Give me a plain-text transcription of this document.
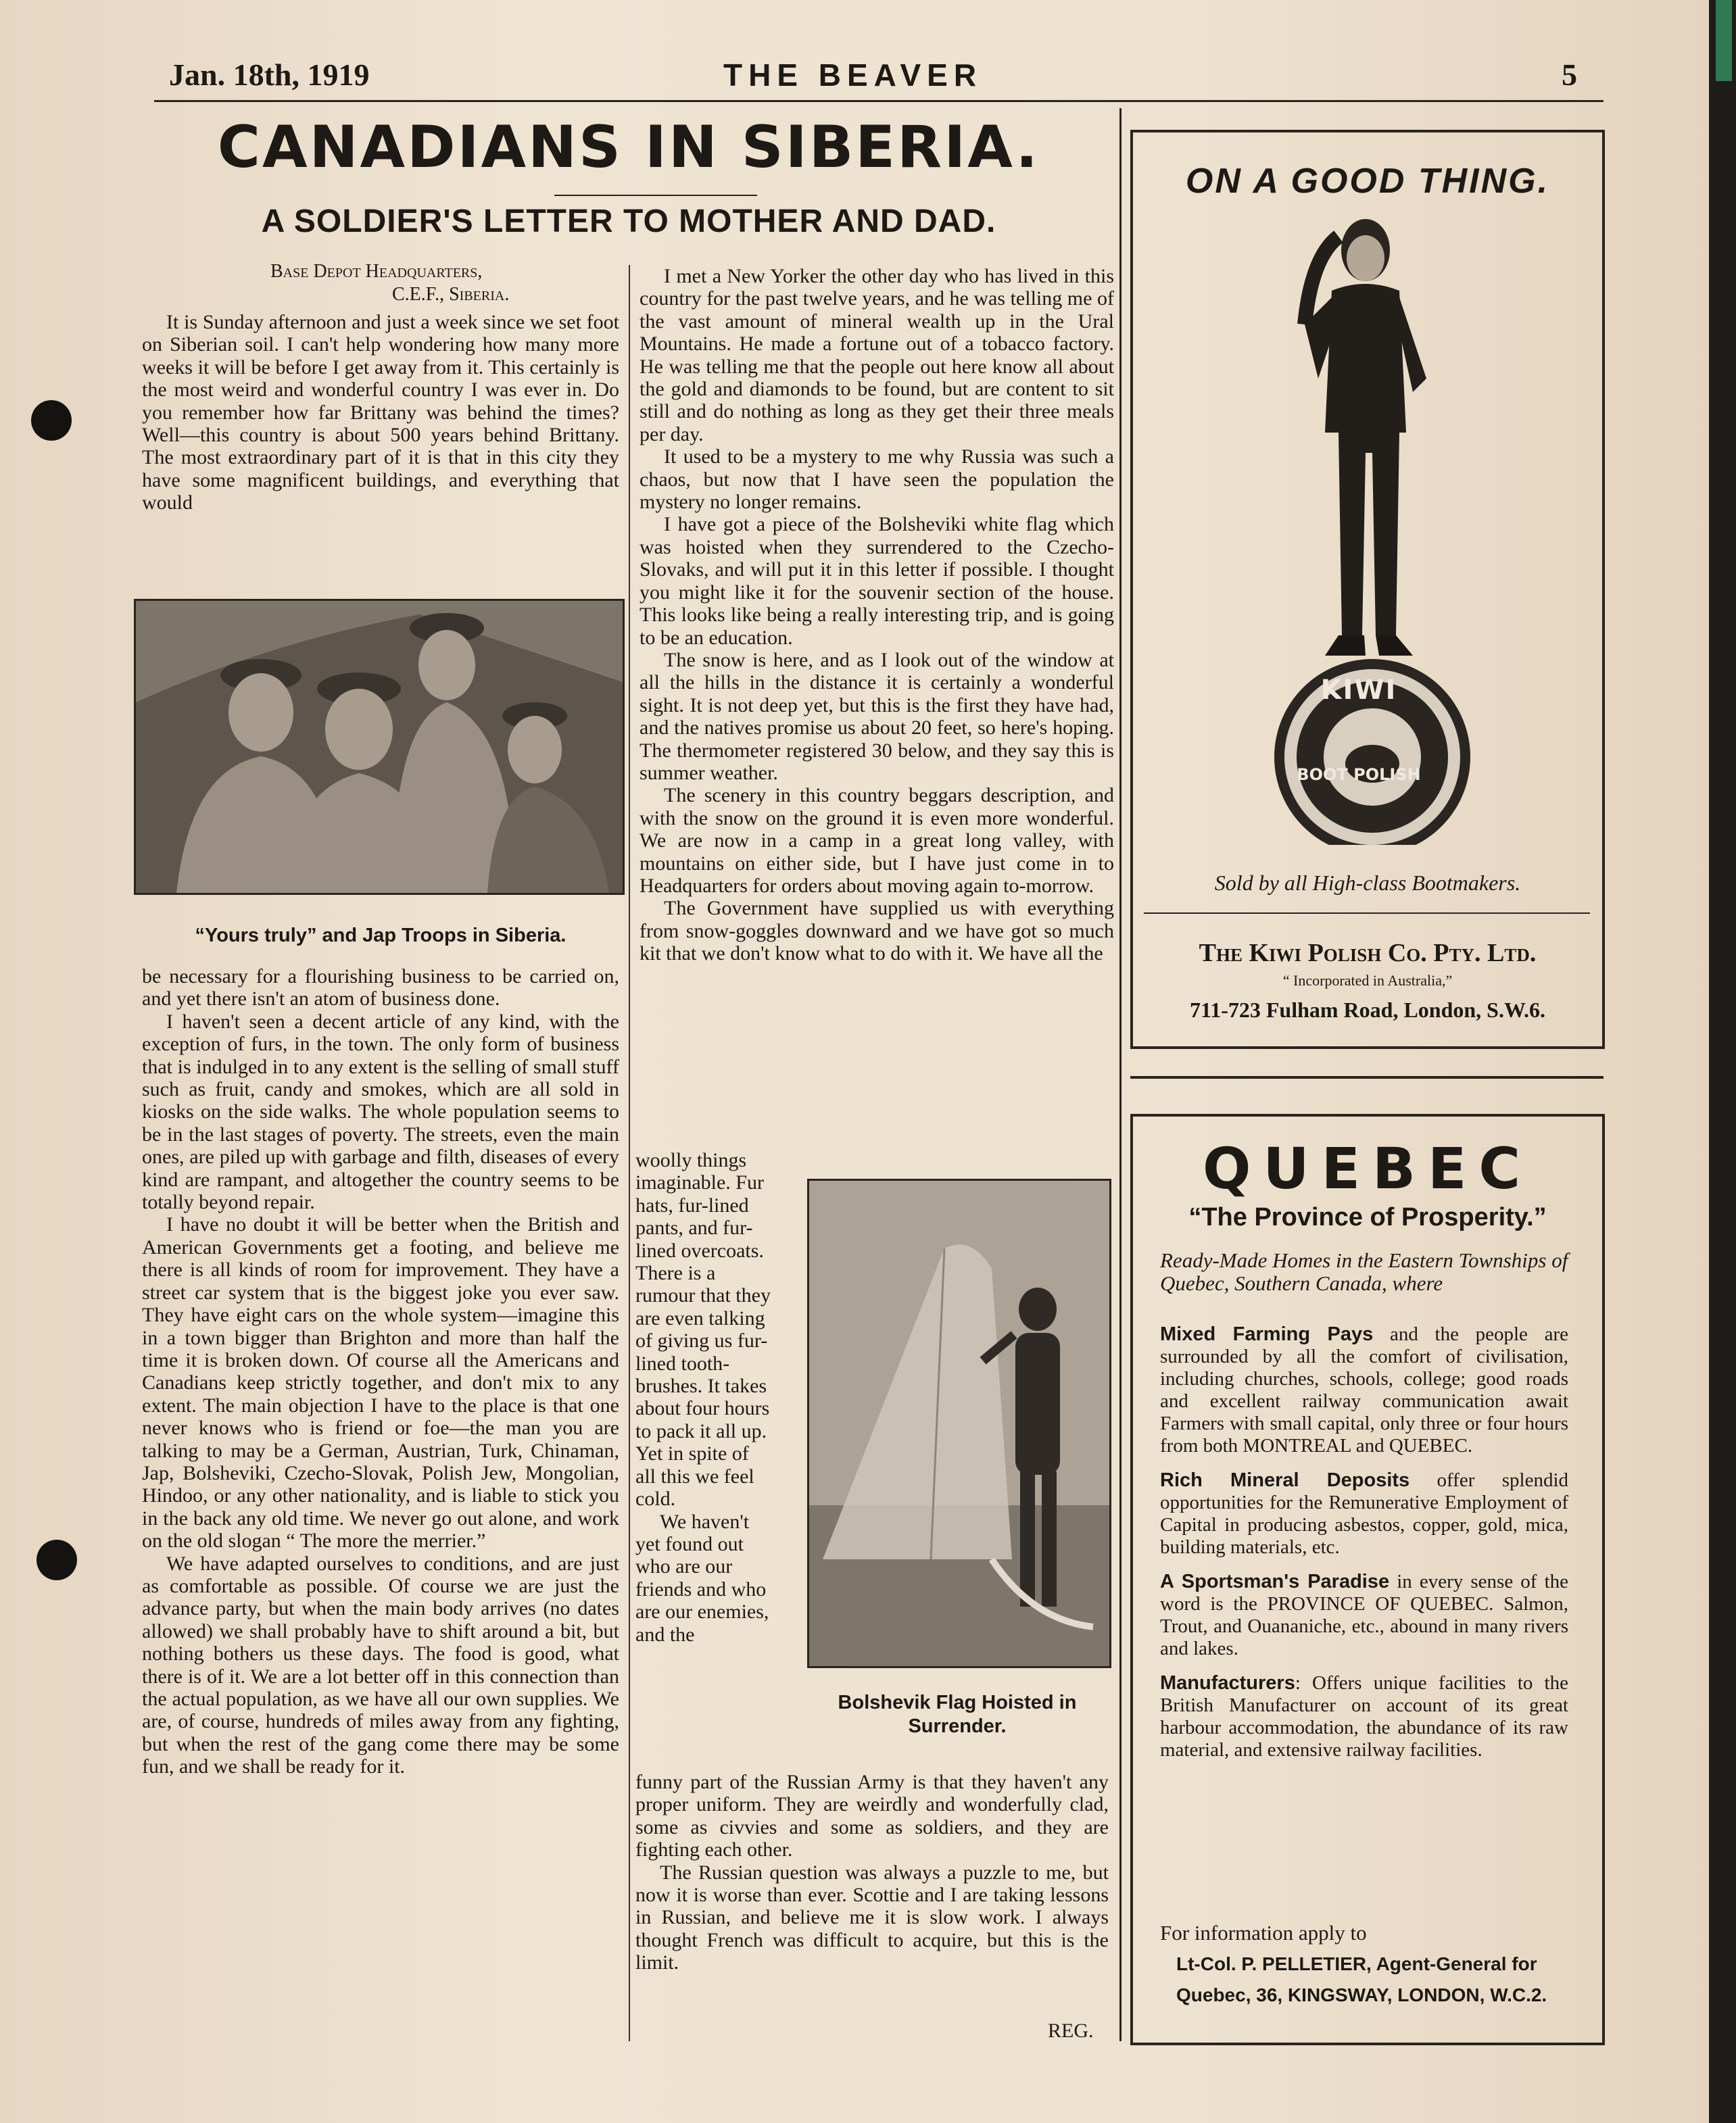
Jan. 18th, 1919	THE BEAVER	5
CANADIANS IN SIBERIA.
A SOLDIER'S LETTER TO MOTHER AND DAD.
Base Depot Headquarters,
C.E.F., Siberia.

It is Sunday afternoon and just a week since we set foot on Siberian soil. I can't help wondering how many more weeks it will be before I get away from it. This certainly is the most weird and wonderful country I was ever in. Do you remember how far Brittany was behind the times? Well—this country is about 500 years behind Brittany. The most extraordinary part of it is that in this city they have some magnificent buildings, and everything that would

“Yours truly” and Jap Troops in Siberia.

be necessary for a flourishing business to be carried on, and yet there isn't an atom of business done.

I haven't seen a decent article of any kind, with the exception of furs, in the town. The only form of business that is indulged in to any extent is the selling of small stuff such as fruit, candy and smokes, which are all sold in kiosks on the side walks. The whole population seems to be in the last stages of poverty. The streets, even the main ones, are piled up with garbage and filth, diseases of every kind are rampant, and altogether the country seems to be totally beyond repair.

I have no doubt it will be better when the British and American Governments get a footing, and believe me there is all kinds of room for improvement. They have a street car system that is the biggest joke you ever saw. They have eight cars on the whole system—imagine this in a town bigger than Brighton and more than half the time it is broken down. Of course all the Americans and Canadians keep strictly together, and don't mix to any extent. The main objection I have to the place is that one never knows who is friend or foe—the man you are talking to may be a German, Austrian, Turk, Chinaman, Jap, Bolsheviki, Czecho-Slovak, Polish Jew, Mongolian, Hindoo, or any other nationality, and is liable to stick you in the back any old time. We never go out alone, and work on the old slogan “ The more the merrier.”

We have adapted ourselves to conditions, and are just as comfortable as possible. Of course we are just the advance party, but when the main body arrives (no dates allowed) we shall probably have to shift around a bit, but nothing bothers us these days. The food is good, what there is of it. We are a lot better off in this connection than the actual population, as we have all our own supplies. We are, of course, hundreds of miles away from any fighting, but when the rest of the gang come there may be some fun, and we shall be ready for it.

I met a New Yorker the other day who has lived in this country for the past twelve years, and he was telling me of the vast amount of mineral wealth up in the Ural Mountains. He made a fortune out of a tobacco factory. He was telling me that the people out here know all about the gold and diamonds to be found, but are content to sit still and do nothing as long as they get their three meals per day.

It used to be a mystery to me why Russia was such a chaos, but now that I have seen the population the mystery no longer remains.

I have got a piece of the Bolsheviki white flag which was hoisted when they surrendered to the Czecho-Slovaks, and will put it in this letter if possible. I thought you might like it for the souvenir section of the house. This looks like being a really interesting trip, and is going to be an education.

The snow is here, and as I look out of the window at all the hills in the distance it is certainly a wonderful sight. It is not deep yet, but this is the first they have had, and the natives promise us about 20 feet, so here's hoping. The thermometer registered 30 below, and they say this is summer weather.

The scenery in this country beggars description, and with the snow on the ground it is even more wonderful. We are now in a camp in a great long valley, with mountains on either side, but I have just come in to Headquarters for orders about moving again to-morrow.

The Government have supplied us with everything from snow-goggles downward and we have got so much kit that we don't know what to do with it. We have all the

woolly things imaginable. Fur hats, fur-lined pants, and fur-lined overcoats. There is a rumour that they are even talking of giving us fur-lined tooth-brushes. It takes about four hours to pack it all up. Yet in spite of all this we feel cold.

We haven't yet found out who are our friends and who are our enemies, and the

Bolshevik Flag Hoisted in Surrender.

funny part of the Russian Army is that they haven't any proper uniform. They are weirdly and wonderfully clad, some as civvies and some as soldiers, and they are fighting each other.

The Russian question was always a puzzle to me, but now it is worse than ever. Scottie and I are taking lessons in Russian, and believe me it is slow work. I always thought French was difficult to acquire, but this is the limit.

REG.
ON A GOOD THING.
KIWI
BOOT POLISH
Sold by all High-class Bootmakers.
The Kiwi Polish Co. Pty. Ltd.
“ Incorporated in Australia,”
711-723 Fulham Road, London, S.W.6.
QUEBEC
“The Province of Prosperity.”
Ready-Made Homes in the Eastern Townships of Quebec, Southern Canada, where
Mixed Farming Pays and the people are surrounded by all the comfort of civilisation, including churches, schools, college; good roads and excellent railway communication await Farmers with small capital, only three or four hours from both MONTREAL and QUEBEC.
Rich Mineral Deposits offer splendid opportunities for the Remunerative Employment of Capital in producing asbestos, copper, gold, mica, building materials, etc.
A Sportsman's Paradise in every sense of the word is the PROVINCE OF QUEBEC. Salmon, Trout, and Ouananiche, etc., abound in many rivers and lakes.
Manufacturers: Offers unique facilities to the British Manufacturer on account of its great harbour accommodation, the abundance of its raw material, and extensive railway facilities.
For information apply to
Lt-Col. P. PELLETIER, Agent-General for
Quebec, 36, KINGSWAY, LONDON, W.C.2.
